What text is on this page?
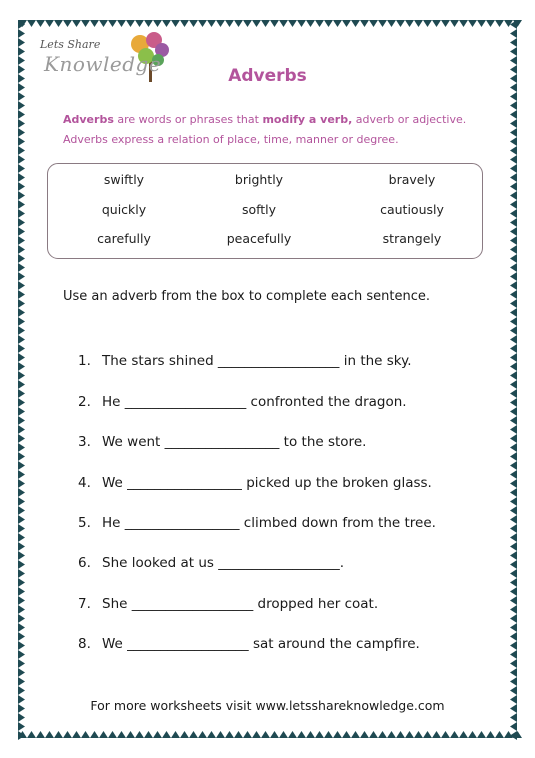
Lets Share
Knowledge	Adverbs
Adverbs are words or phrases that modify a verb, adverb or adjective.
Adverbs express a relation of place, time, manner or degree.
swiftly	brightly	bravely
quickly	softly	cautiously
carefully	peacefully	strangely
Use an adverb from the box to complete each sentence.
1. The stars shined __________________ in the sky.
2. He __________________ confronted the dragon.
3. We went _________________ to the store.
4. We _________________ picked up the broken glass.
5. He _________________ climbed down from the tree.
6. She looked at us __________________.
7. She __________________ dropped her coat.
8. We __________________ sat around the campfire.
For more worksheets visit www.letsshareknowledge.com
